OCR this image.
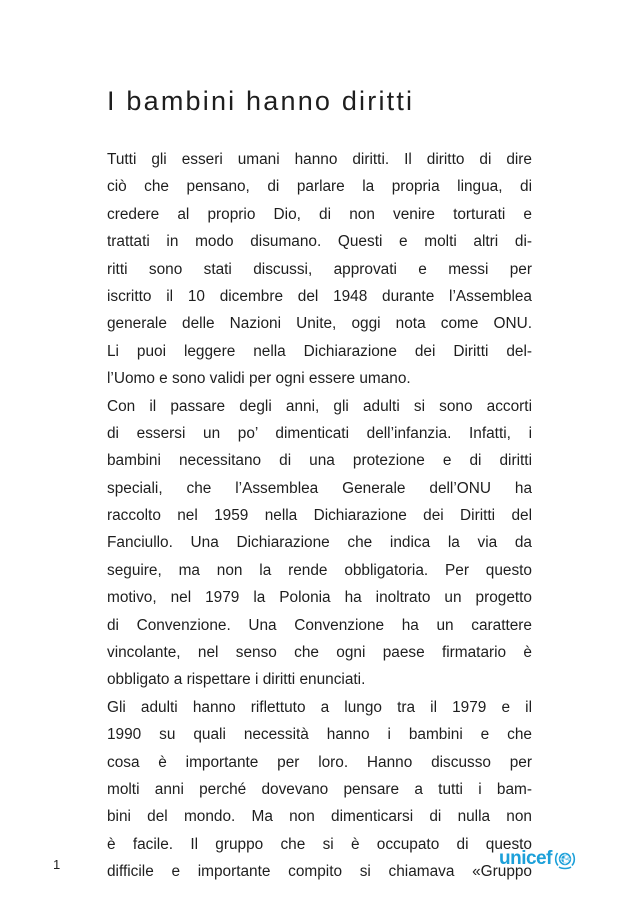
I bambini hanno diritti
Tutti gli esseri umani hanno diritti. Il diritto di dire
ciò che pensano, di parlare la propria lingua, di
credere al proprio Dio, di non venire torturati e
trattati in modo disumano. Questi e molti altri di-
ritti sono stati discussi, approvati e messi per
iscritto il 10 dicembre del 1948 durante l’Assemblea
generale delle Nazioni Unite, oggi nota come ONU.
Li puoi leggere nella Dichiarazione dei Diritti del-
l’Uomo e sono validi per ogni essere umano.
Con il passare degli anni, gli adulti si sono accorti
di essersi un po’ dimenticati dell’infanzia. Infatti, i
bambini necessitano di una protezione e di diritti
speciali, che l’Assemblea Generale dell’ONU ha
raccolto nel 1959 nella Dichiarazione dei Diritti del
Fanciullo. Una Dichiarazione che indica la via da
seguire, ma non la rende obbligatoria. Per questo
motivo, nel 1979 la Polonia ha inoltrato un progetto
di Convenzione. Una Convenzione ha un carattere
vincolante, nel senso che ogni paese firmatario è
obbligato a rispettare i diritti enunciati.
Gli adulti hanno riflettuto a lungo tra il 1979 e il
1990 su quali necessità hanno i bambini e che
cosa è importante per loro. Hanno discusso per
molti anni perché dovevano pensare a tutti i bam-
bini del mondo. Ma non dimenticarsi di nulla non
è facile. Il gruppo che si è occupato di questo
difficile e importante compito si chiamava «Gruppo
1	unicef
